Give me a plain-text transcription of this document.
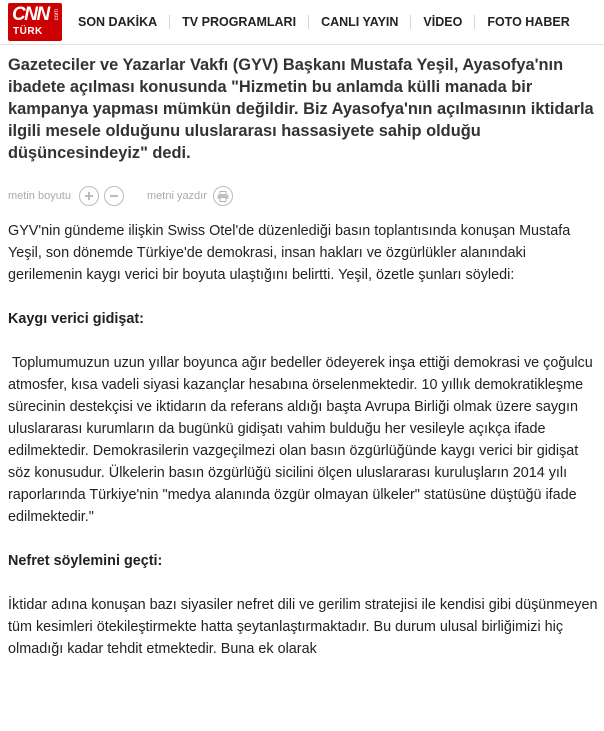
CNN
TÜRK
com
SON DAKİKA	TV PROGRAMLARI	CANLI YAYIN	VİDEO	FOTO HABER
Gazeteciler ve Yazarlar Vakfı (GYV) Başkanı Mustafa Yeşil, Ayasofya'nın ibadete açılması konusunda "Hizmetin bu anlamda külli manada bir kampanya yapması mümkün değildir. Biz Ayasofya'nın açılmasının iktidarla ilgili mesele olduğunu uluslararası hassasiyete sahip olduğu düşüncesindeyiz" dedi.
metin boyutu	metni yazdır

GYV'nin gündeme ilişkin Swiss Otel'de düzenlediği basın toplantısında konuşan Mustafa Yeşil, son dönemde Türkiye'de demokrasi, insan hakları ve özgürlükler alanındaki gerilemenin kaygı verici bir boyuta ulaştığını belirtti. Yeşil, özetle şunları söyledi:

Kaygı verici gidişat:

Toplumumuzun uzun yıllar boyunca ağır bedeller ödeyerek inşa ettiği demokrasi ve çoğulcu atmosfer, kısa vadeli siyasi kazançlar hesabına örselenmektedir. 10 yıllık demokratikleşme sürecinin destekçisi ve iktidarın da referans aldığı başta Avrupa Birliği olmak üzere saygın uluslararası kurumların da bugünkü gidişatı vahim bulduğu her vesileyle açıkça ifade edilmektedir. Demokrasilerin vazgeçilmezi olan basın özgürlüğünde kaygı verici bir gidişat söz konusudur. Ülkelerin basın özgürlüğü sicilini ölçen uluslararası kuruluşların 2014 yılı raporlarında Türkiye'nin "medya alanında özgür olmayan ülkeler" statüsüne düştüğü ifade edilmektedir."

Nefret söylemini geçti:

İktidar adına konuşan bazı siyasiler nefret dili ve gerilim stratejisi ile kendisi gibi düşünmeyen tüm kesimleri ötekileştirmekte hatta şeytanlaştırmaktadır. Bu durum ulusal birliğimizi hiç olmadığı kadar tehdit etmektedir. Buna ek olarak
